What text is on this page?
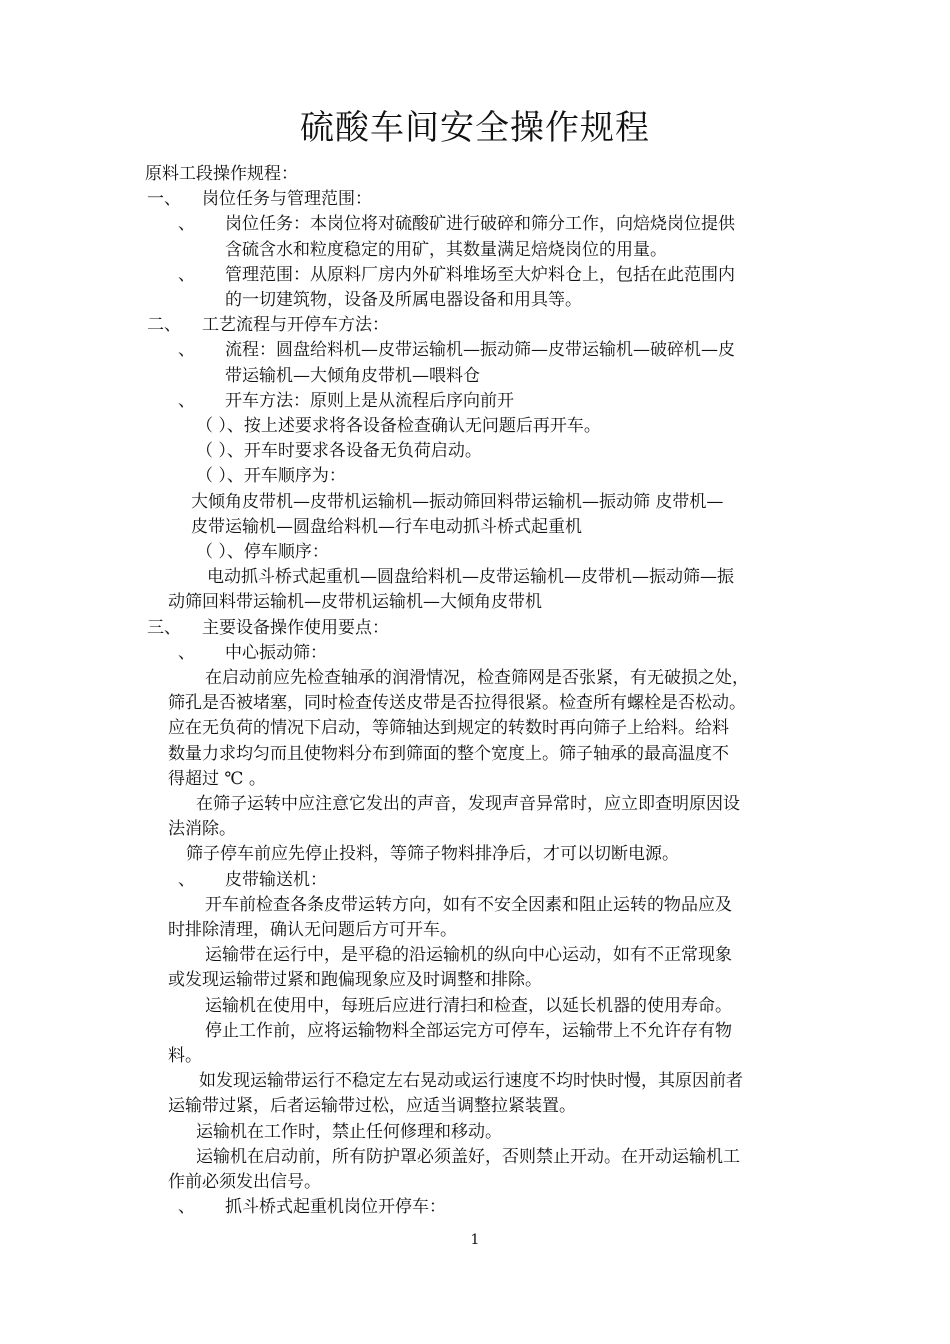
硫酸车间安全操作规程
原料工段操作规程：
一、 岗位任务与管理范围：
、 岗位任务：本岗位将对硫酸矿进行破碎和筛分工作，向焙烧岗位提供
含硫含水和粒度稳定的用矿，其数量满足焙烧岗位的用量。
、 管理范围：从原料厂房内外矿料堆场至大炉料仓上，包括在此范围内
的一切建筑物，设备及所属电器设备和用具等。
二、 工艺流程与开停车方法：
、 流程：圆盘给料机—皮带运输机—振动筛—皮带运输机—破碎机—皮
带运输机—大倾角皮带机—喂料仓
、 开车方法：原则上是从流程后序向前开
（ ）、按上述要求将各设备检查确认无问题后再开车。
（ ）、开车时要求各设备无负荷启动。
（ ）、开车顺序为：
大倾角皮带机—皮带机运输机—振动筛回料带运输机—振动筛 皮带机—
皮带运输机—圆盘给料机—行车电动抓斗桥式起重机
（ ）、停车顺序：
电动抓斗桥式起重机—圆盘给料机—皮带运输机—皮带机—振动筛—振
动筛回料带运输机—皮带机运输机—大倾角皮带机
三、 主要设备操作使用要点：
、 中心振动筛：
在启动前应先检查轴承的润滑情况，检查筛网是否张紧，有无破损之处，
筛孔是否被堵塞，同时检查传送皮带是否拉得很紧。检查所有螺栓是否松动。
应在无负荷的情况下启动，等筛轴达到规定的转数时再向筛子上给料。给料
数量力求均匀而且使物料分布到筛面的整个宽度上。筛子轴承的最高温度不
得超过 ℃ 。
在筛子运转中应注意它发出的声音，发现声音异常时，应立即查明原因设
法消除。
筛子停车前应先停止投料，等筛子物料排净后，才可以切断电源。
、 皮带输送机：
开车前检查各条皮带运转方向，如有不安全因素和阻止运转的物品应及
时排除清理，确认无问题后方可开车。
运输带在运行中，是平稳的沿运输机的纵向中心运动，如有不正常现象
或发现运输带过紧和跑偏现象应及时调整和排除。
运输机在使用中，每班后应进行清扫和检查，以延长机器的使用寿命。
停止工作前，应将运输物料全部运完方可停车，运输带上不允许存有物
料。
如发现运输带运行不稳定左右晃动或运行速度不均时快时慢，其原因前者
运输带过紧，后者运输带过松，应适当调整拉紧装置。
运输机在工作时，禁止任何修理和移动。
运输机在启动前，所有防护罩必须盖好，否则禁止开动。在开动运输机工
作前必须发出信号。
、 抓斗桥式起重机岗位开停车：
1
